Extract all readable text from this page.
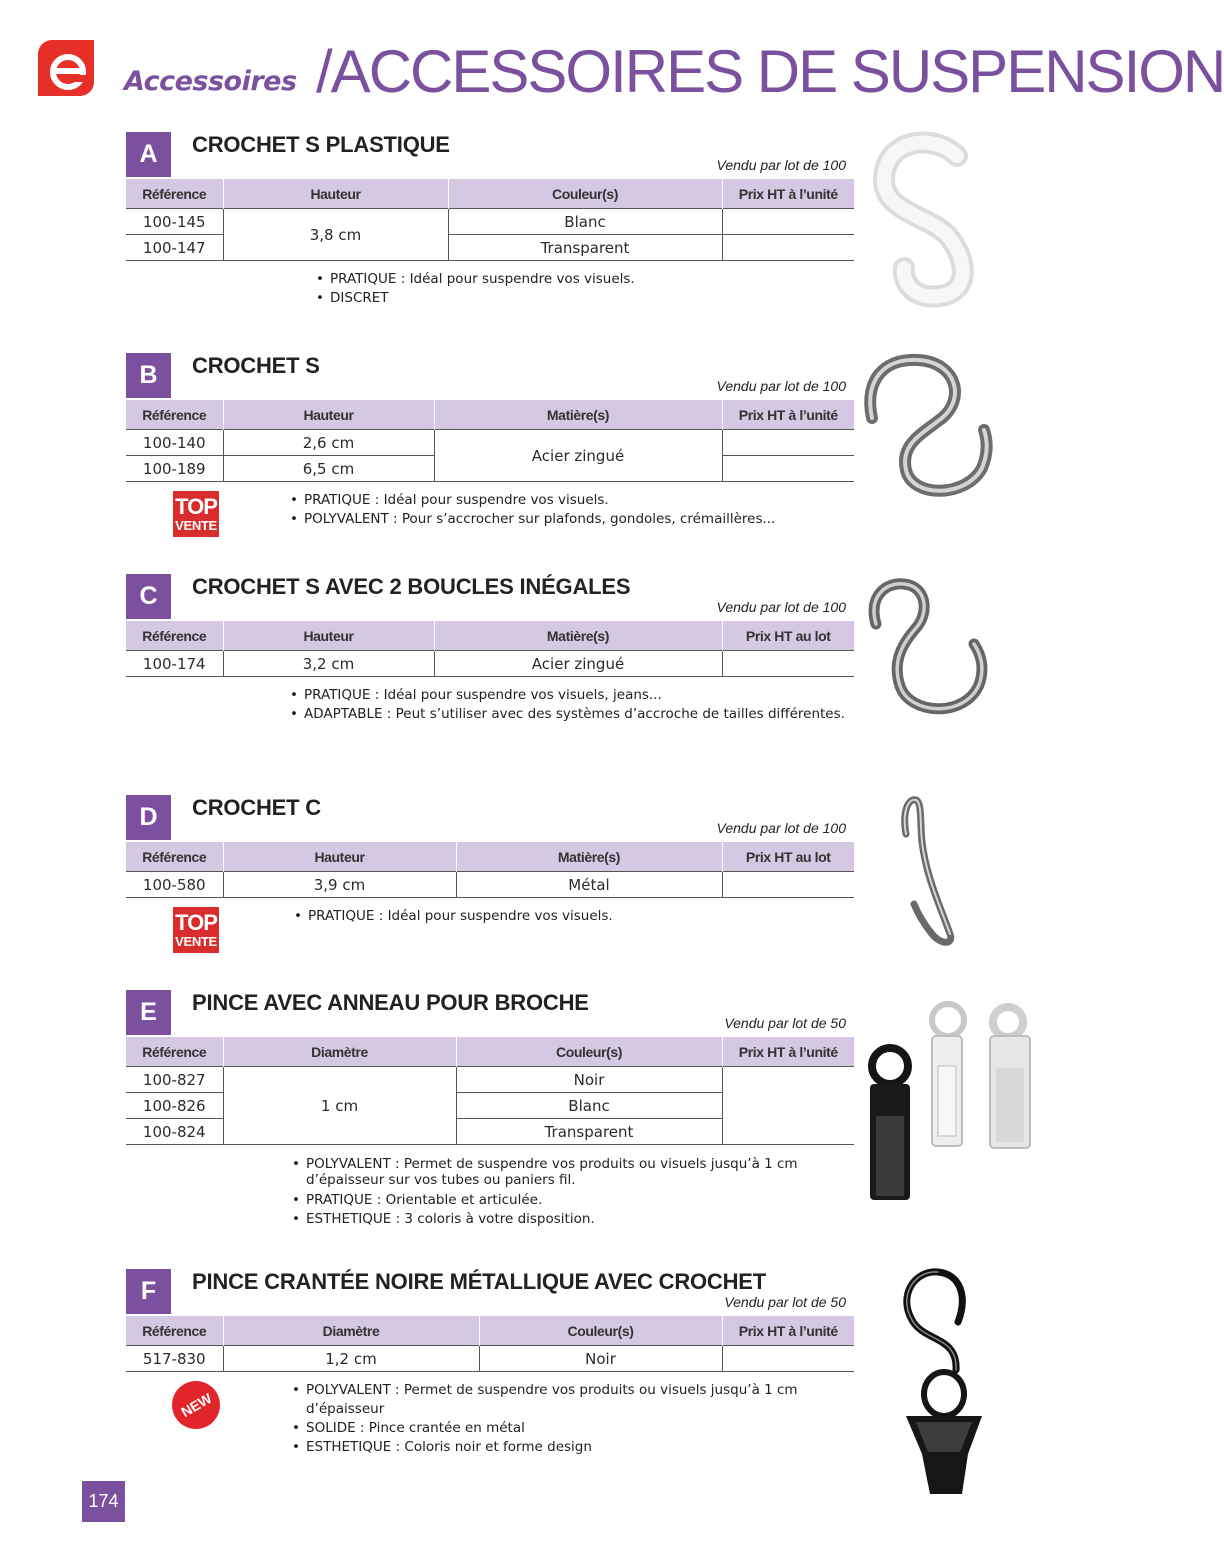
Accessoires /ACCESSOIRES DE SUSPENSION
A	CROCHET S PLASTIQUE
Vendu par lot de 100
Référence	Hauteur	Couleur(s)	Prix HT à l’unité
100-145	3,8 cm	Blanc	
100-147		Transparent	
• PRATIQUE : Idéal pour suspendre vos visuels.
• DISCRET
B	CROCHET S
Vendu par lot de 100
Référence	Hauteur	Matière(s)	Prix HT à l’unité
100-140	2,6 cm	Acier zingué	
100-189	6,5 cm		
TOP
VENTE
• PRATIQUE : Idéal pour suspendre vos visuels.
• POLYVALENT : Pour s’accrocher sur plafonds, gondoles, crémaillères...
C	CROCHET S AVEC 2 BOUCLES INÉGALES
Vendu par lot de 100
Référence	Hauteur	Matière(s)	Prix HT au lot
100-174	3,2 cm	Acier zingué	
• PRATIQUE : Idéal pour suspendre vos visuels, jeans...
• ADAPTABLE : Peut s’utiliser avec des systèmes d’accroche de tailles différentes.
D	CROCHET C
Vendu par lot de 100
Référence	Hauteur	Matière(s)	Prix HT au lot
100-580	3,9 cm	Métal	
TOP
VENTE
• PRATIQUE : Idéal pour suspendre vos visuels.
E	PINCE AVEC ANNEAU POUR BROCHE
Vendu par lot de 50
Référence	Diamètre	Couleur(s)	Prix HT à l’unité
100-827	1 cm	Noir	
100-826		Blanc	
100-824		Transparent	
• POLYVALENT : Permet de suspendre vos produits ou visuels jusqu’à 1 cm
d’épaisseur sur vos tubes ou paniers fil.
• PRATIQUE : Orientable et articulée.
• ESTHETIQUE : 3 coloris à votre disposition.
F	PINCE CRANTÉE NOIRE MÉTALLIQUE AVEC CROCHET
Vendu par lot de 50
Référence	Diamètre	Couleur(s)	Prix HT à l’unité
517-830	1,2 cm	Noir	
NEW	• POLYVALENT : Permet de suspendre vos produits ou visuels jusqu’à 1 cm d’épaisseur
• SOLIDE : Pince crantée en métal
• ESTHETIQUE : Coloris noir et forme design
174
